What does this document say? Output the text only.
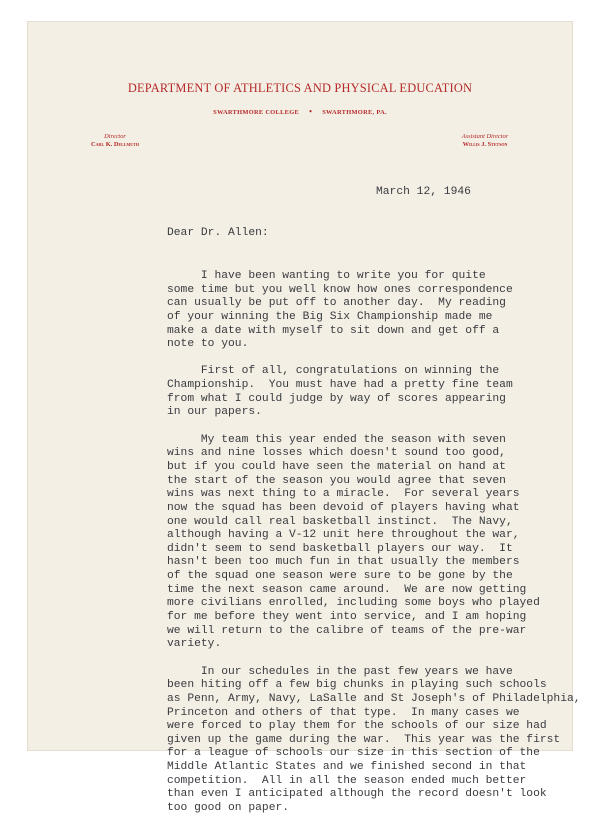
DEPARTMENT OF ATHLETICS AND PHYSICAL EDUCATION
SWARTHMORE COLLEGE • SWARTHMORE, PA.
Director
Carl K. Dellmuth
Assistant Director
Willis J. Stetson
March 12, 1946
Dear Dr. Allen:
I have been wanting to write you for quite
some time but you well know how ones correspondence
can usually be put off to another day.  My reading
of your winning the Big Six Championship made me
make a date with myself to sit down and get off a
note to you.
First of all, congratulations on winning the
Championship.  You must have had a pretty fine team
from what I could judge by way of scores appearing
in our papers.
My team this year ended the season with seven
wins and nine losses which doesn't sound too good,
but if you could have seen the material on hand at
the start of the season you would agree that seven
wins was next thing to a miracle.  For several years
now the squad has been devoid of players having what
one would call real basketball instinct.  The Navy,
although having a V-12 unit here throughout the war,
didn't seem to send basketball players our way.  It
hasn't been too much fun in that usually the members
of the squad one season were sure to be gone by the
time the next season came around.  We are now getting
more civilians enrolled, including some boys who played
for me before they went into service, and I am hoping
we will return to the calibre of teams of the pre-war
variety.
In our schedules in the past few years we have
been hiting off a few big chunks in playing such schools
as Penn, Army, Navy, LaSalle and St Joseph's of Philadelphia,
Princeton and others of that type.  In many cases we
were forced to play them for the schools of our size had
given up the game during the war.  This year was the first
for a league of schools our size in this section of the
Middle Atlantic States and we finished second in that
competition.  All in all the season ended much better
than even I anticipated although the record doesn't look
too good on paper.
